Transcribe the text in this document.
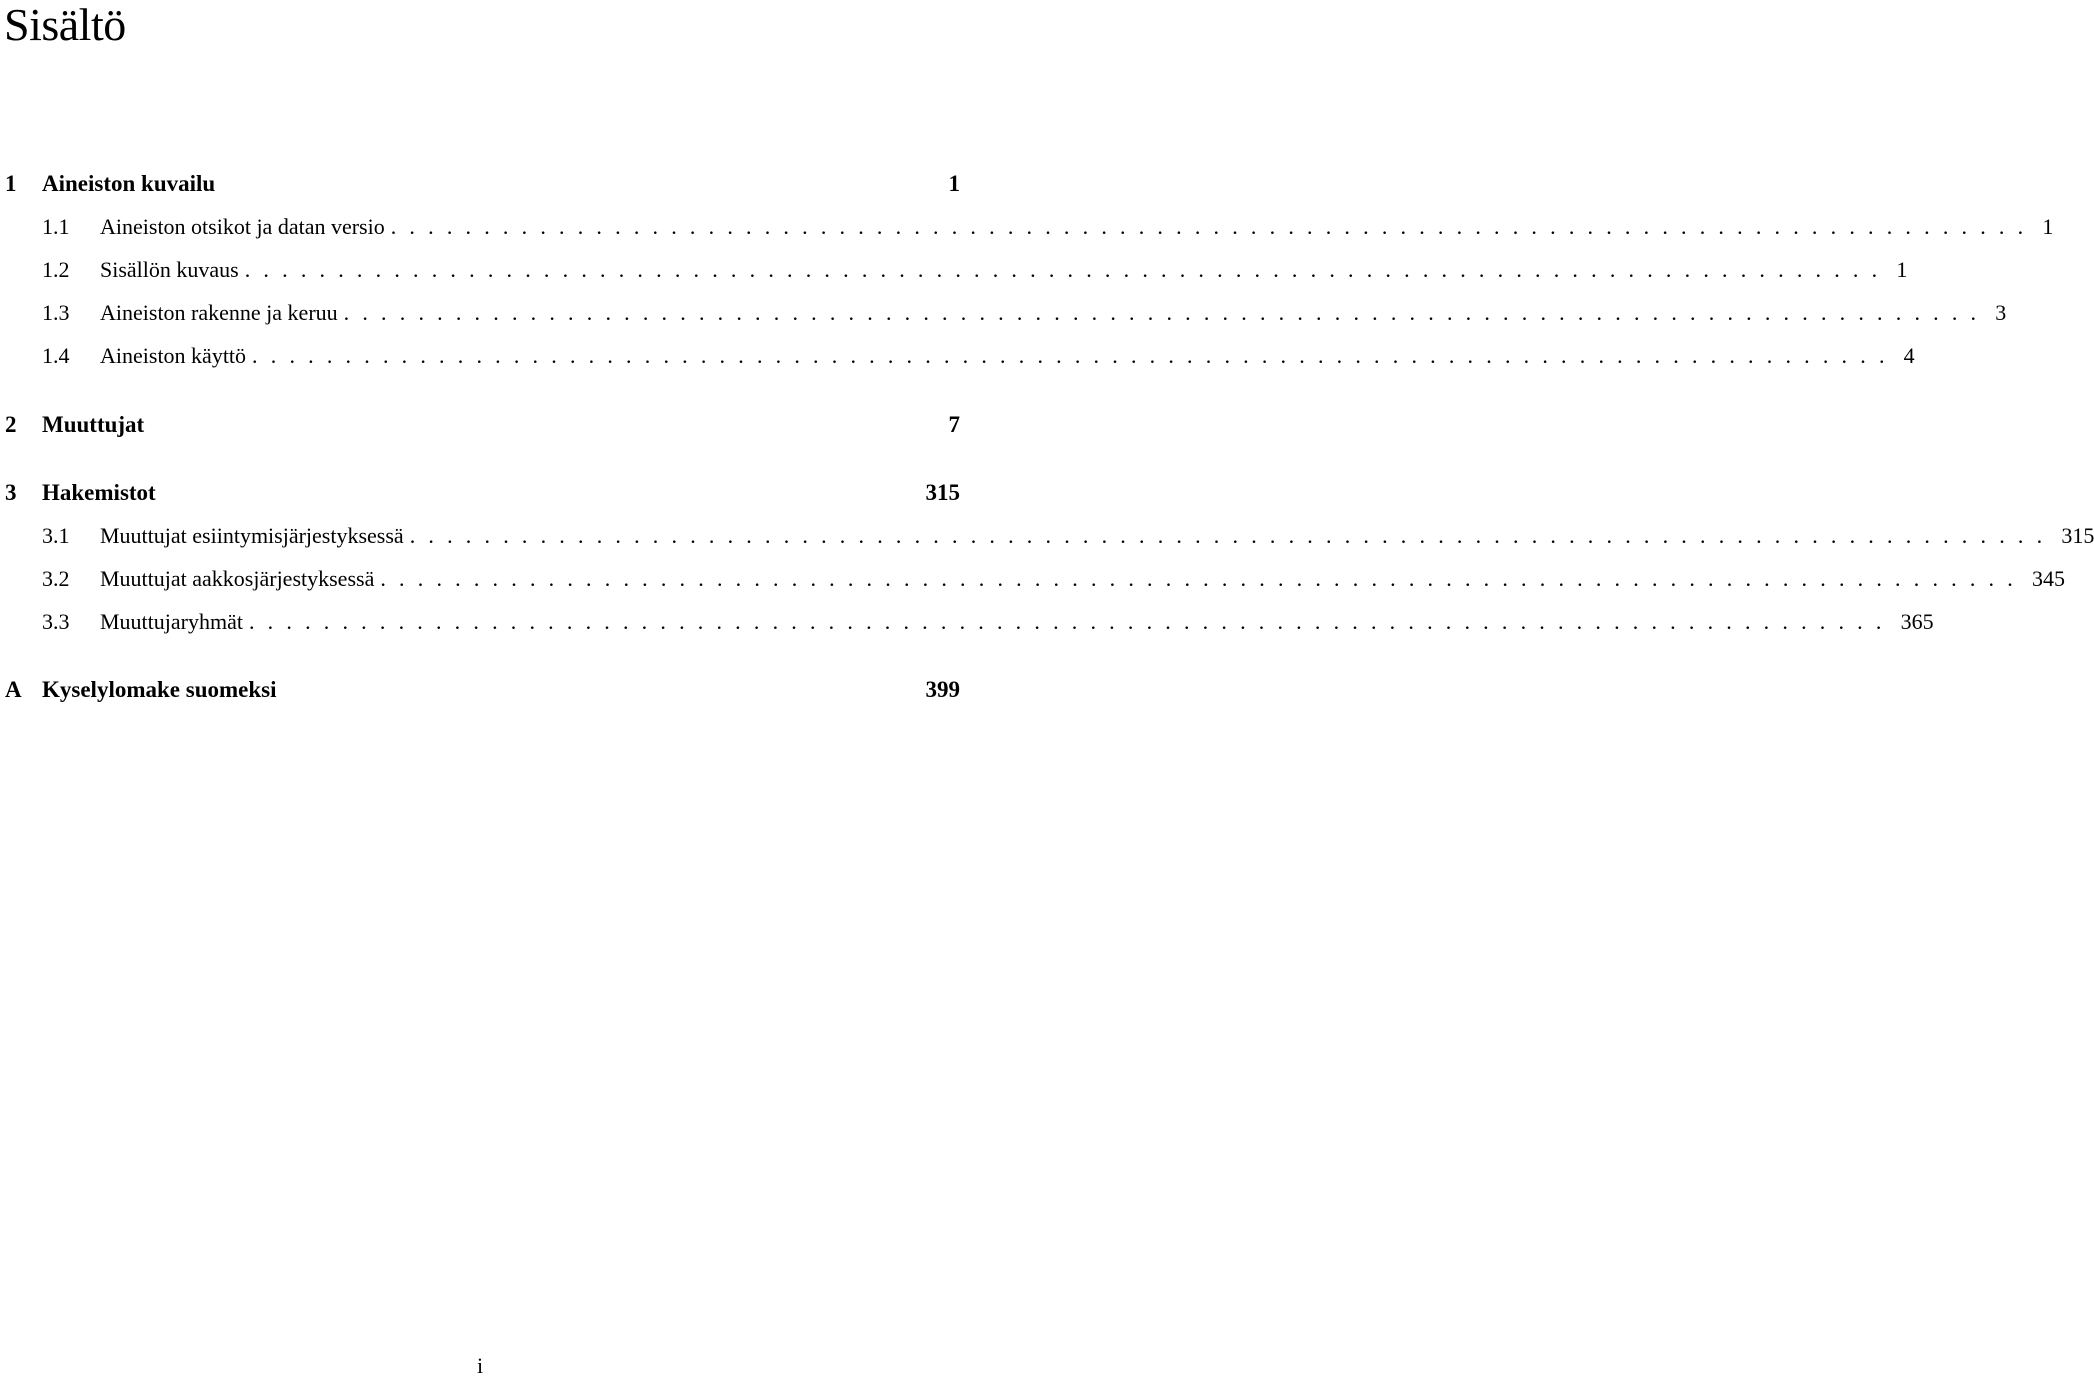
Sisältö
1	Aineiston kuvailu	1
1.1	Aineiston otsikot ja datan versio ........................................................................................ 1
1.2	Sisällön kuvaus ........................................................................................ 1
1.3	Aineiston rakenne ja keruu ........................................................................................ 3
1.4	Aineiston käyttö ........................................................................................ 4
2	Muuttujat	7
3	Hakemistot	315
3.1	Muuttujat esiintymisjärjestyksessä ........................................................................................ 315
3.2	Muuttujat aakkosjärjestyksessä ........................................................................................ 345
3.3	Muuttujaryhmät ........................................................................................ 365
A Kyselylomake suomeksi	399
i
